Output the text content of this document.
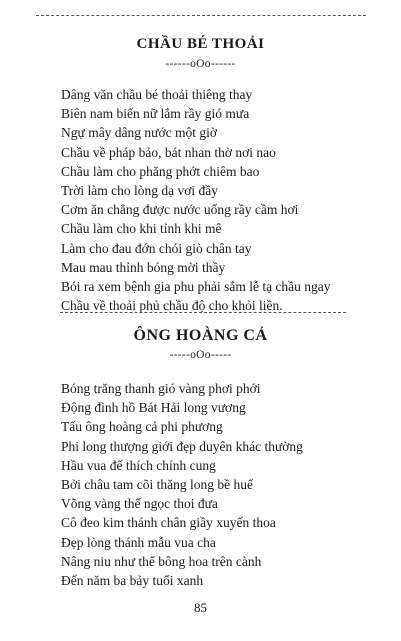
CHẦU BÉ THOẢI
------oOo------
Dâng văn chầu bé thoải thiêng thay
Biên nam biến nữ lắm rầy gió mưa
Ngự mây dâng nước một giờ
Chầu về pháp bảo, bát nhan thờ nơi nao
Chầu làm cho phăng phớt chiêm bao
Trời làm cho lòng dạ vơi đầy
Cơm ăn chẳng được nước uống rầy cầm hơi
Chầu làm cho khi tỉnh khi mê
Làm cho đau đớn chói giò chân tay
Mau mau thỉnh bóng mời thầy
Bói ra xem bệnh gia phu phải sắm lễ tạ chầu ngay
Chầu về thoải phủ chầu độ cho khỏi liền.
ÔNG HOÀNG CẢ
-----oOo-----
Bóng trăng thanh gió vàng phơi phới
Động đình hồ Bát Hải long vương
Tấu ông hoàng cả phi phương
Phi long thượng giới đẹp duyên khác thường
Hầu vua đế thích chính cung
Bởi châu tam cõi thăng long bề huế
Võng vàng thể ngọc thoi đưa
Cô đeo kim thánh chân giầy xuyến thoa
Đẹp lòng thánh mẫu vua cha
Nâng niu như thể bông hoa trên cành
Đến năm ba bảy tuổi xanh
85
